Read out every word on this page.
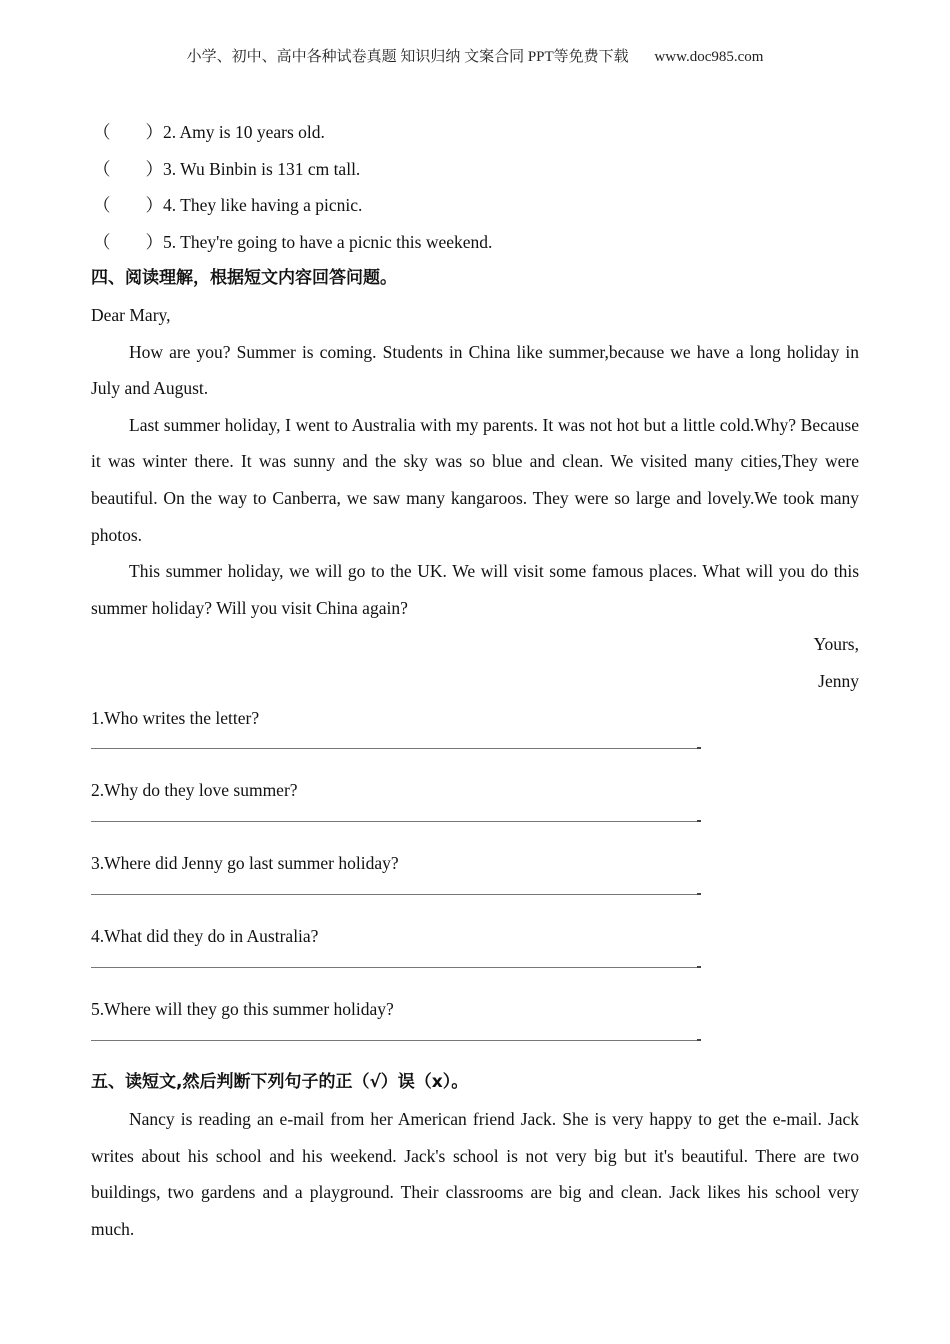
小学、初中、高中各种试卷真题 知识归纳 文案合同 PPT等免费下载 www.doc985.com
（　　）2. Amy is 10 years old.
（　　）3. Wu Binbin is 131 cm tall.
（　　）4. They like having a picnic.
（　　）5. They're going to have a picnic this weekend.
四、阅读理解，根据短文内容回答问题。
Dear Mary,
How are you? Summer is coming. Students in China like summer,because we have a long holiday in July and August.
Last summer holiday, I went to Australia with my parents. It was not hot but a little cold.Why? Because it was winter there. It was sunny and the sky was so blue and clean. We visited many cities,They were beautiful. On the way to Canberra, we saw many kangaroos. They were so large and lovely.We took many photos.
This summer holiday, we will go to the UK. We will visit some famous places. What will you do this summer holiday? Will you visit China again?
Yours,
Jenny
1.Who writes the letter?
2.Why do they love summer?
3.Where did Jenny go last summer holiday?
4.What did they do in Australia?
5.Where will they go this summer holiday?
五、读短文,然后判断下列句子的正（√）误（x）。
Nancy is reading an e-mail from her American friend Jack. She is very happy to get the e-mail. Jack writes about his school and his weekend. Jack's school is not very big but it's beautiful. There are two buildings, two gardens and a playground. Their classrooms are big and clean. Jack likes his school very much.
